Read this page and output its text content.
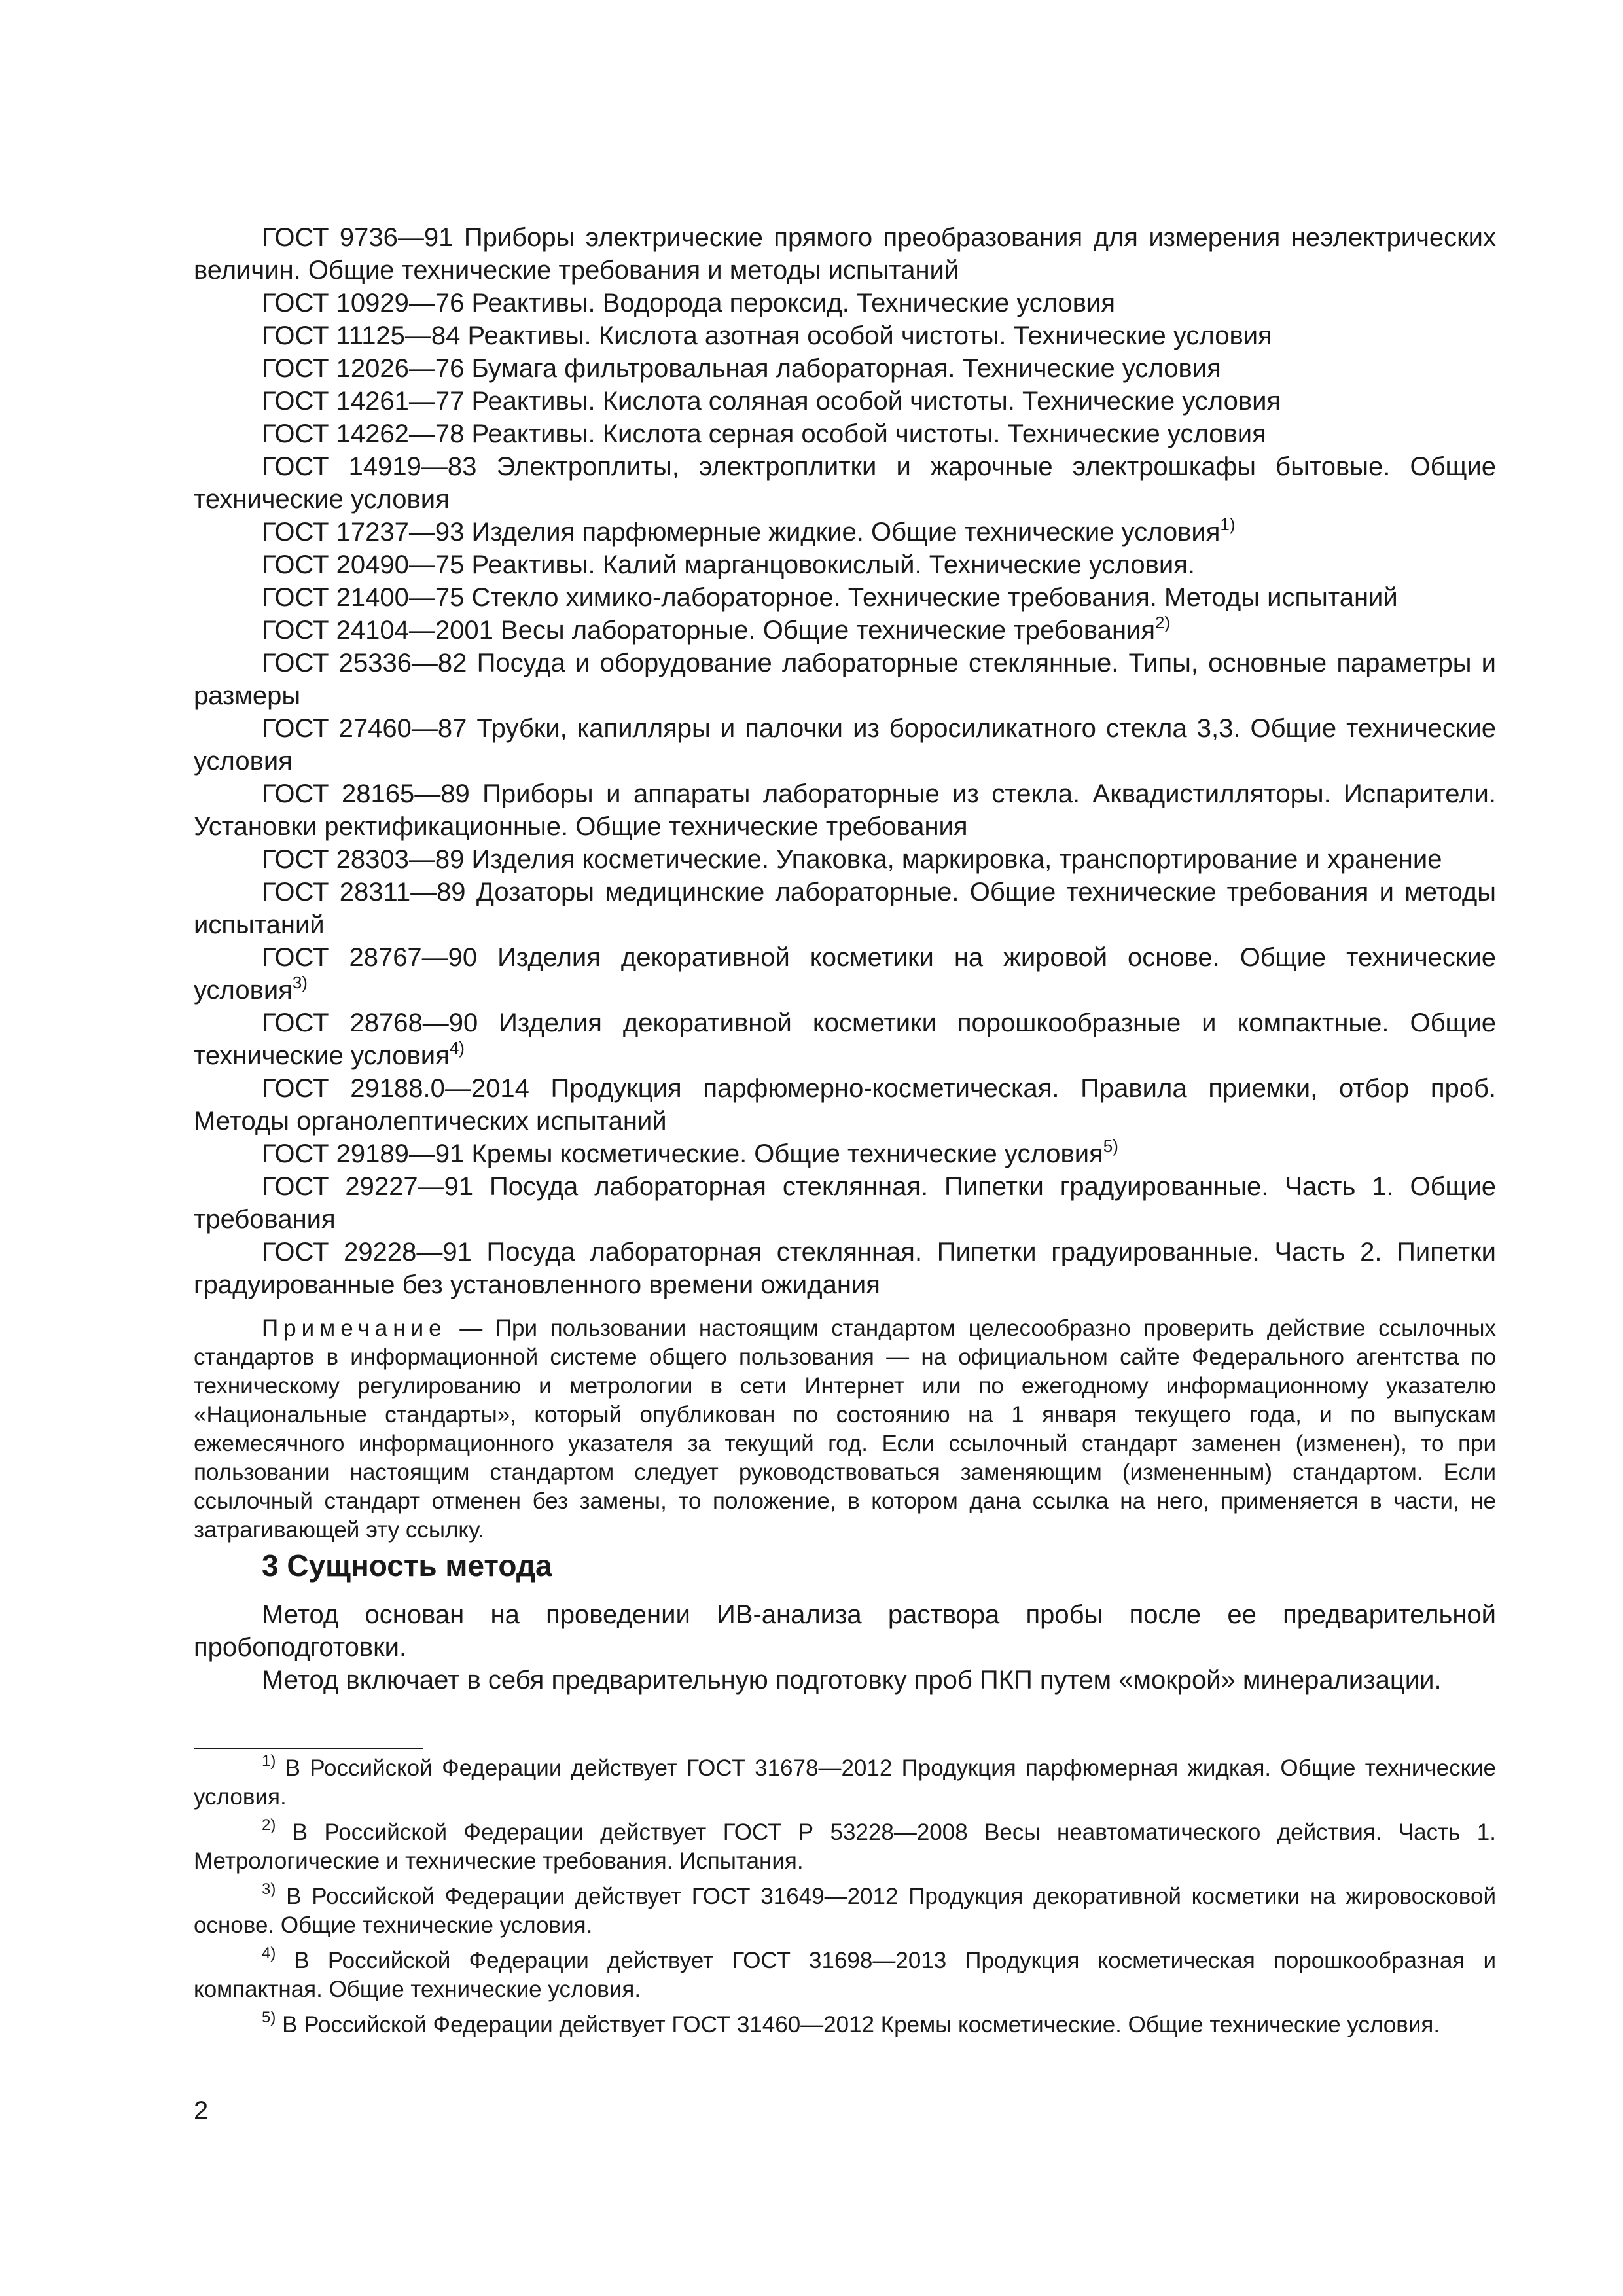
ГОСТ 9736—91 Приборы электрические прямого преобразования для измерения неэлектрических величин. Общие технические требования и методы испытаний

ГОСТ 10929—76 Реактивы. Водорода пероксид. Технические условия

ГОСТ 11125—84 Реактивы. Кислота азотная особой чистоты. Технические условия

ГОСТ 12026—76 Бумага фильтровальная лабораторная. Технические условия

ГОСТ 14261—77 Реактивы. Кислота соляная особой чистоты. Технические условия

ГОСТ 14262—78 Реактивы. Кислота серная особой чистоты. Технические условия

ГОСТ 14919—83 Электроплиты, электроплитки и жарочные электрошкафы бытовые. Общие технические условия

ГОСТ 17237—93 Изделия парфюмерные жидкие. Общие технические условия$^{1)}$

ГОСТ 20490—75 Реактивы. Калий марганцовокислый. Технические условия.

ГОСТ 21400—75 Стекло химико-лабораторное. Технические требования. Методы испытаний

ГОСТ 24104—2001 Весы лабораторные. Общие технические требования$^{2)}$

ГОСТ 25336—82 Посуда и оборудование лабораторные стеклянные. Типы, основные параметры и размеры

ГОСТ 27460—87 Трубки, капилляры и палочки из боросиликатного стекла 3,3. Общие технические условия

ГОСТ 28165—89 Приборы и аппараты лабораторные из стекла. Аквадистилляторы. Испарители. Установки ректификационные. Общие технические требования

ГОСТ 28303—89 Изделия косметические. Упаковка, маркировка, транспортирование и хранение

ГОСТ 28311—89 Дозаторы медицинские лабораторные. Общие технические требования и методы испытаний

ГОСТ 28767—90 Изделия декоративной косметики на жировой основе. Общие технические условия$^{3)}$

ГОСТ 28768—90 Изделия декоративной косметики порошкообразные и компактные. Общие технические условия$^{4)}$

ГОСТ 29188.0—2014 Продукция парфюмерно-косметическая. Правила приемки, отбор проб. Методы органолептических испытаний

ГОСТ 29189—91 Кремы косметические. Общие технические условия$^{5)}$

ГОСТ 29227—91 Посуда лабораторная стеклянная. Пипетки градуированные. Часть 1. Общие требования

ГОСТ 29228—91 Посуда лабораторная стеклянная. Пипетки градуированные. Часть 2. Пипетки градуированные без установленного времени ожидания

Примечание — При пользовании настоящим стандартом целесообразно проверить действие ссылочных стандартов в информационной системе общего пользования — на официальном сайте Федерального агентства по техническому регулированию и метрологии в сети Интернет или по ежегодному информационному указателю «Национальные стандарты», который опубликован по состоянию на 1 января текущего года, и по выпускам ежемесячного информационного указателя за текущий год. Если ссылочный стандарт заменен (изменен), то при пользовании настоящим стандартом следует руководствоваться заменяющим (измененным) стандартом. Если ссылочный стандарт отменен без замены, то положение, в котором дана ссылка на него, применяется в части, не затрагивающей эту ссылку.

3 Сущность метода

Метод основан на проведении ИВ-анализа раствора пробы после ее предварительной пробоподготовки.

Метод включает в себя предварительную подготовку проб ПКП путем «мокрой» минерализации.

$^{1)}$ В Российской Федерации действует ГОСТ 31678—2012 Продукция парфюмерная жидкая. Общие технические условия.

$^{2)}$ В Российской Федерации действует ГОСТ Р 53228—2008 Весы неавтоматического действия. Часть 1. Метрологические и технические требования. Испытания.

$^{3)}$ В Российской Федерации действует ГОСТ 31649—2012 Продукция декоративной косметики на жировосковой основе. Общие технические условия.

$^{4)}$ В Российской Федерации действует ГОСТ 31698—2013 Продукция косметическая порошкообразная и компактная. Общие технические условия.

$^{5)}$ В Российской Федерации действует ГОСТ 31460—2012 Кремы косметические. Общие технические условия.

2
